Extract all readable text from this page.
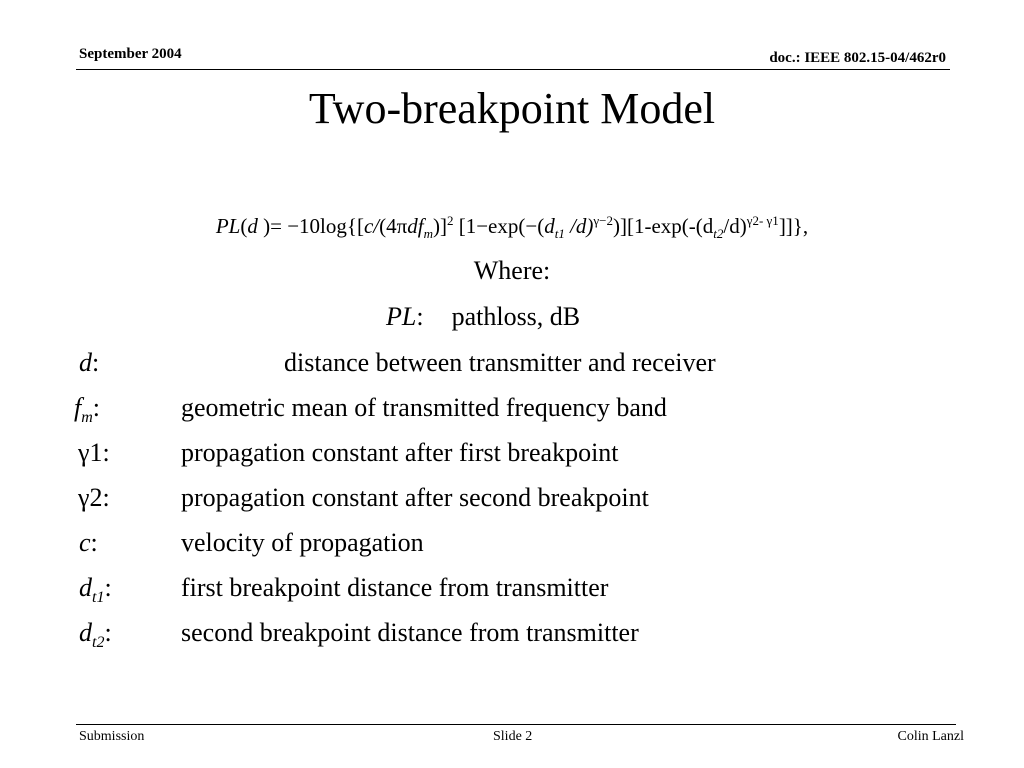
September 2004	doc.: IEEE 802.15-04/462r0
Two-breakpoint Model
PL(d )= $-10\log\{[c/(4\pi df_m)]^2$ [$1-\exp(-(d_{t1}$ $/d)^{\gamma-2})][1-\exp(-(d_{t2}/d)^{\gamma 2- \gamma 1}]]$},
Where:
PL: pathloss, dB
d:	distance between transmitter and receiver
$f_m$:	geometric mean of transmitted frequency band
γ1:	propagation constant after first breakpoint
γ2:	propagation constant after second breakpoint
c:	velocity of propagation
$d_{t1}$:	first breakpoint distance from transmitter
$d_{t2}$:	second breakpoint distance from transmitter
Submission	Slide 2	Colin Lanzl
